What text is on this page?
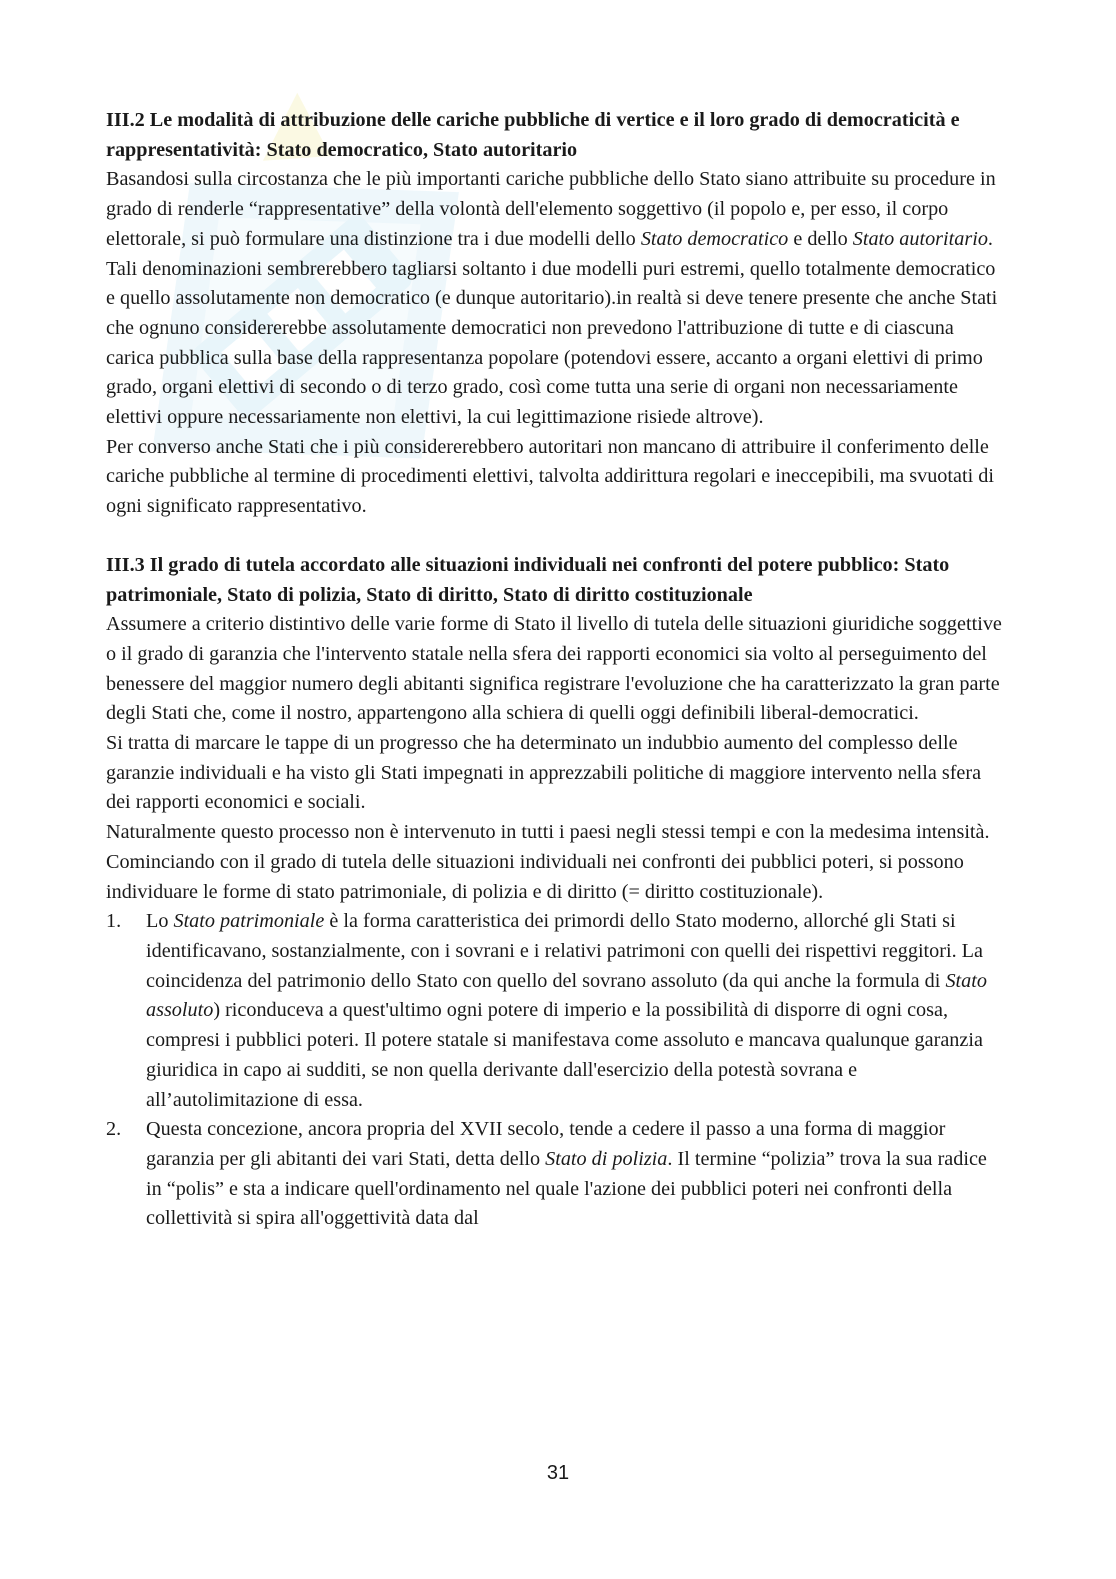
III.2 Le modalità di attribuzione delle cariche pubbliche di vertice e il loro grado di democraticità e rappresentatività: Stato democratico, Stato autoritario

Basandosi sulla circostanza che le più importanti cariche pubbliche dello Stato siano attribuite su procedure in grado di renderle “rappresentative” della volontà dell'elemento soggettivo (il popolo e, per esso, il corpo elettorale, si può formulare una distinzione tra i due modelli dello Stato democratico e dello Stato autoritario. Tali denominazioni sembrerebbero tagliarsi soltanto i due modelli puri estremi, quello totalmente democratico e quello assolutamente non democratico (e dunque autoritario).in realtà si deve tenere presente che anche Stati che ognuno considererebbe assolutamente democratici non prevedono l'attribuzione di tutte e di ciascuna carica pubblica sulla base della rappresentanza popolare (potendovi essere, accanto a organi elettivi di primo grado, organi elettivi di secondo o di terzo grado, così come tutta una serie di organi non necessariamente elettivi oppure necessariamente non elettivi, la cui legittimazione risiede altrove).

Per converso anche Stati che i più considererebbero autoritari non mancano di attribuire il conferimento delle cariche pubbliche al termine di procedimenti elettivi, talvolta addirittura regolari e ineccepibili, ma svuotati di ogni significato rappresentativo.

III.3 Il grado di tutela accordato alle situazioni individuali nei confronti del potere pubblico: Stato patrimoniale, Stato di polizia, Stato di diritto, Stato di diritto costituzionale

Assumere a criterio distintivo delle varie forme di Stato il livello di tutela delle situazioni giuridiche soggettive o il grado di garanzia che l'intervento statale nella sfera dei rapporti economici sia volto al perseguimento del benessere del maggior numero degli abitanti significa registrare l'evoluzione che ha caratterizzato la gran parte degli Stati che, come il nostro, appartengono alla schiera di quelli oggi definibili liberal-democratici.

Si tratta di marcare le tappe di un progresso che ha determinato un indubbio aumento del complesso delle garanzie individuali e ha visto gli Stati impegnati in apprezzabili politiche di maggiore intervento nella sfera dei rapporti economici e sociali.

Naturalmente questo processo non è intervenuto in tutti i paesi negli stessi tempi e con la medesima intensità.

Cominciando con il grado di tutela delle situazioni individuali nei confronti dei pubblici poteri, si possono individuare le forme di stato patrimoniale, di polizia e di diritto (= diritto costituzionale).

1. Lo Stato patrimoniale è la forma caratteristica dei primordi dello Stato moderno, allorché gli Stati si identificavano, sostanzialmente, con i sovrani e i relativi patrimoni con quelli dei rispettivi reggitori. La coincidenza del patrimonio dello Stato con quello del sovrano assoluto (da qui anche la formula di Stato assoluto) riconduceva a quest'ultimo ogni potere di imperio e la possibilità di disporre di ogni cosa, compresi i pubblici poteri. Il potere statale si manifestava come assoluto e mancava qualunque garanzia giuridica in capo ai sudditi, se non quella derivante dall'esercizio della potestà sovrana e all’autolimitazione di essa.
2. Questa concezione, ancora propria del XVII secolo, tende a cedere il passo a una forma di maggior garanzia per gli abitanti dei vari Stati, detta dello Stato di polizia. Il termine “polizia” trova la sua radice in “polis” e sta a indicare quell'ordinamento nel quale l'azione dei pubblici poteri nei confronti della collettività si spira all'oggettività data dal
31
